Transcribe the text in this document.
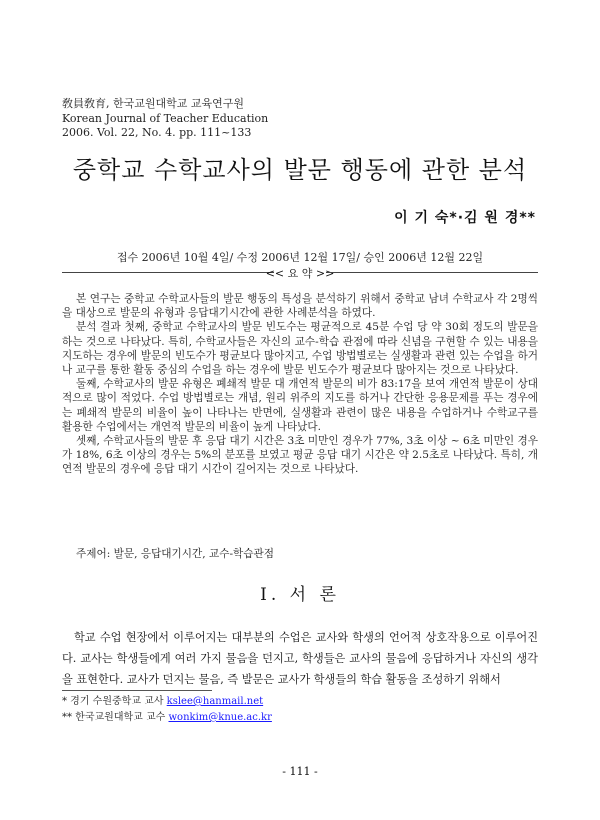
敎員敎育, 한국교원대학교 교육연구원
Korean Journal of Teacher Education
2006. Vol. 22, No. 4. pp. 111~133
중학교 수학교사의 발문 행동에 관한 분석
이 기 숙*·김 원 경**
접수 2006년 10월 4일/ 수정 2006년 12월 17일/ 승인 2006년 12월 22일
<< 요 약 >>

본 연구는 중학교 수학교사들의 발문 행동의 특성을 분석하기 위해서 중학교 남녀 수학교사 각 2명씩을 대상으로 발문의 유형과 응답대기시간에 관한 사례분석을 하였다.

분석 결과 첫째, 중학교 수학교사의 발문 빈도수는 평균적으로 45분 수업 당 약 30회 정도의 발문을 하는 것으로 나타났다. 특히, 수학교사들은 자신의 교수-학습 관점에 따라 신념을 구현할 수 있는 내용을 지도하는 경우에 발문의 빈도수가 평균보다 많아지고, 수업 방법별로는 실생활과 관련 있는 수업을 하거나 교구를 통한 활동 중심의 수업을 하는 경우에 발문 빈도수가 평균보다 많아지는 것으로 나타났다.

둘째, 수학교사의 발문 유형은 폐쇄적 발문 대 개연적 발문의 비가 83:17을 보여 개연적 발문이 상대적으로 많이 적었다. 수업 방법별로는 개념, 원리 위주의 지도를 하거나 간단한 응용문제를 푸는 경우에는 폐쇄적 발문의 비율이 높이 나타나는 반면에, 실생활과 관련이 많은 내용을 수업하거나 수학교구를 활용한 수업에서는 개연적 발문의 비율이 높게 나타났다.

셋째, 수학교사들의 발문 후 응답 대기 시간은 3초 미만인 경우가 77%, 3초 이상 ~ 6초 미만인 경우가 18%, 6초 이상의 경우는 5%의 분포를 보였고 평균 응답 대기 시간은 약 2.5초로 나타났다. 특히, 개연적 발문의 경우에 응답 대기 시간이 길어지는 것으로 나타났다.

주제어: 발문, 응답대기시간, 교수-학습관점
Ⅰ. 서 론

학교 수업 현장에서 이루어지는 대부분의 수업은 교사와 학생의 언어적 상호작용으로 이루어진다. 교사는 학생들에게 여러 가지 물음을 던지고, 학생들은 교사의 물음에 응답하거나 자신의 생각을 표현한다. 교사가 던지는 물음, 즉 발문은 교사가 학생들의 학습 활동을 조성하기 위해서

* 경기 수원중학교 교사 kslee@hanmail.net
** 한국교원대학교 교수 wonkim@knue.ac.kr
- 111 -
